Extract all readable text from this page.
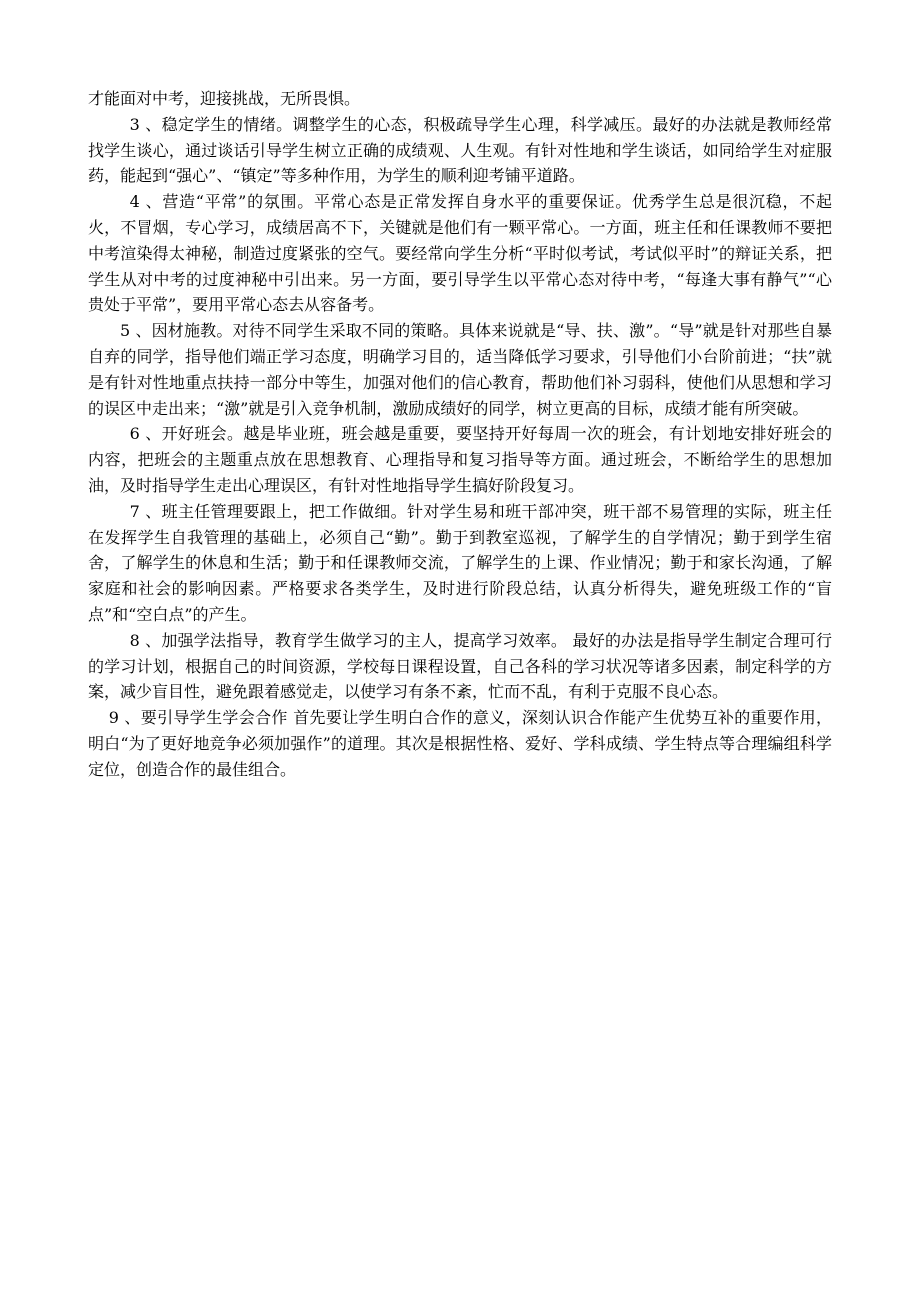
才能面对中考，迎接挑战，无所畏惧。

3 、稳定学生的情绪。调整学生的心态，积极疏导学生心理，科学减压。最好的办法就是教师经常找学生谈心，通过谈话引导学生树立正确的成绩观、人生观。有针对性地和学生谈话，如同给学生对症服药，能起到“强心”、“镇定”等多种作用，为学生的顺利迎考铺平道路。

4 、营造“平常”的氛围。平常心态是正常发挥自身水平的重要保证。优秀学生总是很沉稳，不起火，不冒烟，专心学习，成绩居高不下，关键就是他们有一颗平常心。一方面，班主任和任课教师不要把中考渲染得太神秘，制造过度紧张的空气。要经常向学生分析“平时似考试，考试似平时”的辩证关系，把学生从对中考的过度神秘中引出来。另一方面，要引导学生以平常心态对待中考，“每逢大事有静气”“心贵处于平常”，要用平常心态去从容备考。

5 、因材施教。对待不同学生采取不同的策略。具体来说就是“导、扶、激”。“导”就是针对那些自暴自弃的同学，指导他们端正学习态度，明确学习目的，适当降低学习要求，引导他们小台阶前进；“扶”就是有针对性地重点扶持一部分中等生，加强对他们的信心教育，帮助他们补习弱科，使他们从思想和学习的误区中走出来；“激”就是引入竞争机制，激励成绩好的同学，树立更高的目标，成绩才能有所突破。

6 、开好班会。越是毕业班，班会越是重要，要坚持开好每周一次的班会，有计划地安排好班会的内容，把班会的主题重点放在思想教育、心理指导和复习指导等方面。通过班会，不断给学生的思想加油，及时指导学生走出心理误区，有针对性地指导学生搞好阶段复习。

7 、班主任管理要跟上，把工作做细。针对学生易和班干部冲突，班干部不易管理的实际，班主任在发挥学生自我管理的基础上，必须自己“勤”。勤于到教室巡视，了解学生的自学情况；勤于到学生宿舍，了解学生的休息和生活；勤于和任课教师交流，了解学生的上课、作业情况；勤于和家长沟通，了解家庭和社会的影响因素。严格要求各类学生，及时进行阶段总结，认真分析得失，避免班级工作的“盲点”和“空白点”的产生。

8 、加强学法指导，教育学生做学习的主人，提高学习效率。 最好的办法是指导学生制定合理可行的学习计划，根据自己的时间资源，学校每日课程设置，自己各科的学习状况等诸多因素，制定科学的方案，减少盲目性，避免跟着感觉走，以使学习有条不紊，忙而不乱，有利于克服不良心态。

9 、要引导学生学会合作 首先要让学生明白合作的意义，深刻认识合作能产生优势互补的重要作用，明白“为了更好地竞争必须加强作”的道理。其次是根据性格、爱好、学科成绩、学生特点等合理编组科学定位，创造合作的最佳组合。
